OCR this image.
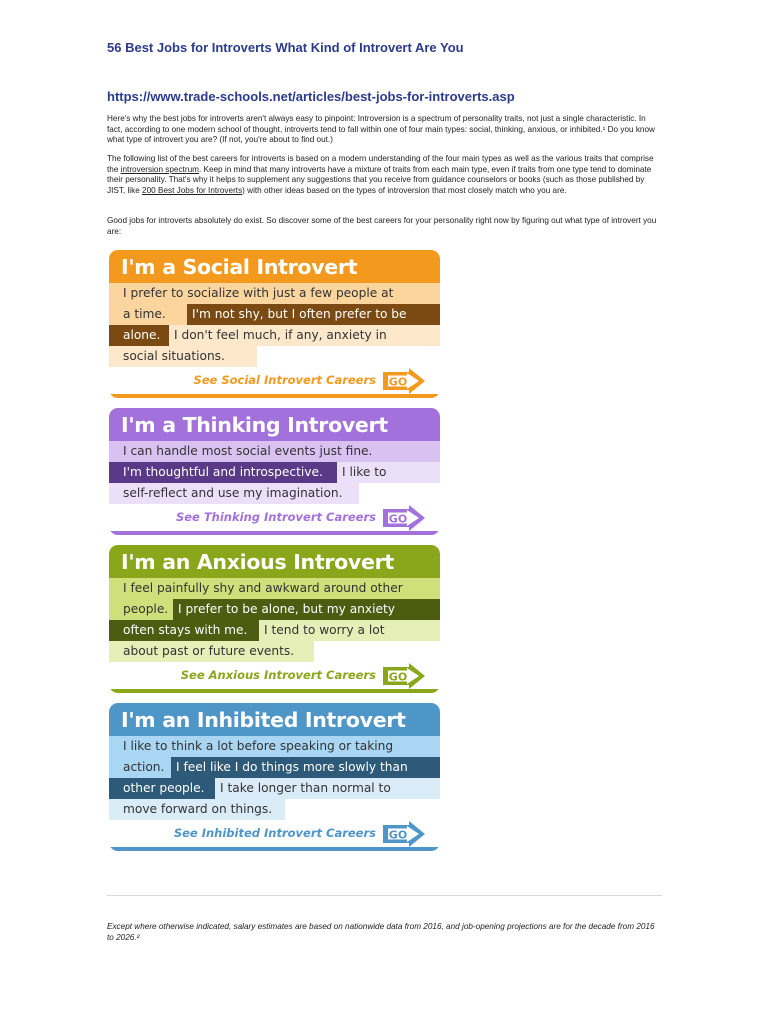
56 Best Jobs for Introverts What Kind of Introvert Are You
https://www.trade-schools.net/articles/best-jobs-for-introverts.asp

Here's why the best jobs for introverts aren't always easy to pinpoint: Introversion is a spectrum of personality traits, not just a single characteristic. In fact, according to one modern school of thought, introverts tend to fall within one of four main types: social, thinking, anxious, or inhibited.¹ Do you know what type of introvert you are? (If not, you're about to find out.)

The following list of the best careers for introverts is based on a modern understanding of the four main types as well as the various traits that comprise the introversion spectrum. Keep in mind that many introverts have a mixture of traits from each main type, even if traits from one type tend to dominate their personality. That's why it helps to supplement any suggestions that you receive from guidance counselors or books (such as those published by JIST, like 200 Best Jobs for Introverts) with other ideas based on the types of introversion that most closely match who you are.

Good jobs for introverts absolutely do exist. So discover some of the best careers for your personality right now by figuring out what type of introvert you are:

I'm a Social Introvert
I prefer to socialize with just a few people at
a time.	I'm not shy, but I often prefer to be
alone.	I don't feel much, if any, anxiety in
social situations.
See Social Introvert Careers GO
I'm a Thinking Introvert
I can handle most social events just fine.
I'm thoughtful and introspective.	I like to
self-reflect and use my imagination.
See Thinking Introvert Careers GO
I'm an Anxious Introvert
I feel painfully shy and awkward around other
people. I prefer to be alone, but my anxiety
often stays with me.	I tend to worry a lot
about past or future events.
See Anxious Introvert Careers GO
I'm an Inhibited Introvert
I like to think a lot before speaking or taking
action. I feel like I do things more slowly than
other people.	I take longer than normal to
move forward on things.
See Inhibited Introvert Careers GO

Except where otherwise indicated, salary estimates are based on nationwide data from 2016, and job-opening projections are for the decade from 2016 to 2026.²
